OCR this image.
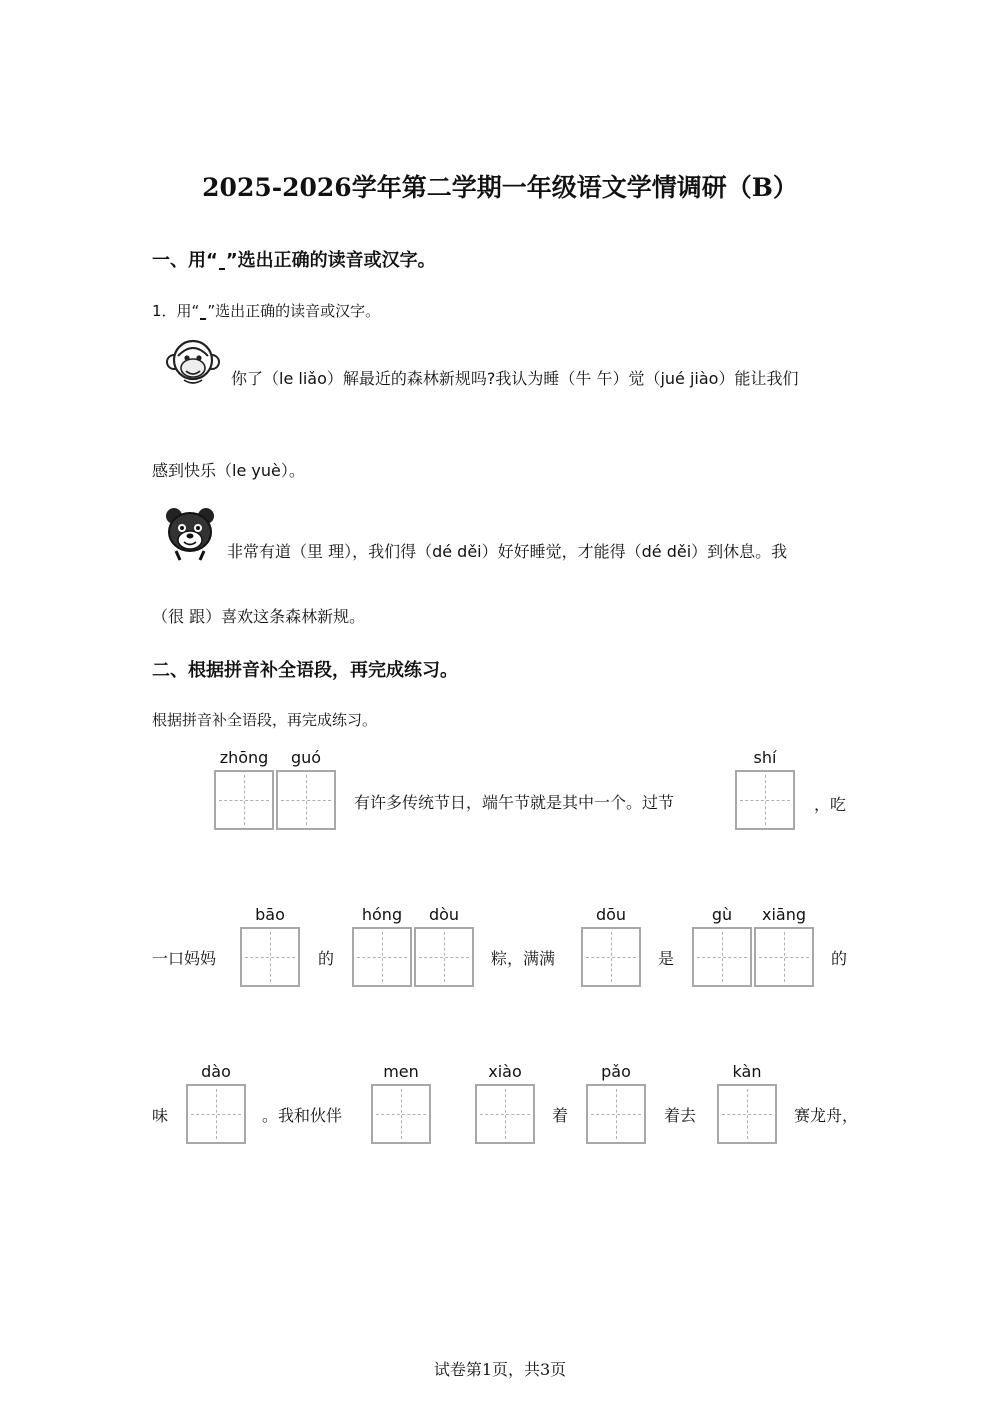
2025-2026学年第二学期一年级语文学情调研（B）
一、用“ ”选出正确的读音或汉字。
1．用“ ”选出正确的读音或汉字。
你了（le liǎo）解最近的森林新规吗?我认为睡（牛 午）觉（jué jiào）能让我们
感到快乐（le yuè）。
非常有道（里 理），我们得（dé děi）好好睡觉，才能得（dé děi）到休息。我
（很 跟）喜欢这条森林新规。
二、根据拼音补全语段，再完成练习。
根据拼音补全语段，再完成练习。
zhōng	guó
有许多传统节日，端午节就是其中一个。过节
shí
，吃
一口妈妈
bāo
的
hóng	dòu
粽，满满
dōu
是
gù	xiāng
的
味
dào
。我和伙伴
men	xiào
着
pǎo
着去
kàn
赛龙舟，
试卷第1页，共3页
